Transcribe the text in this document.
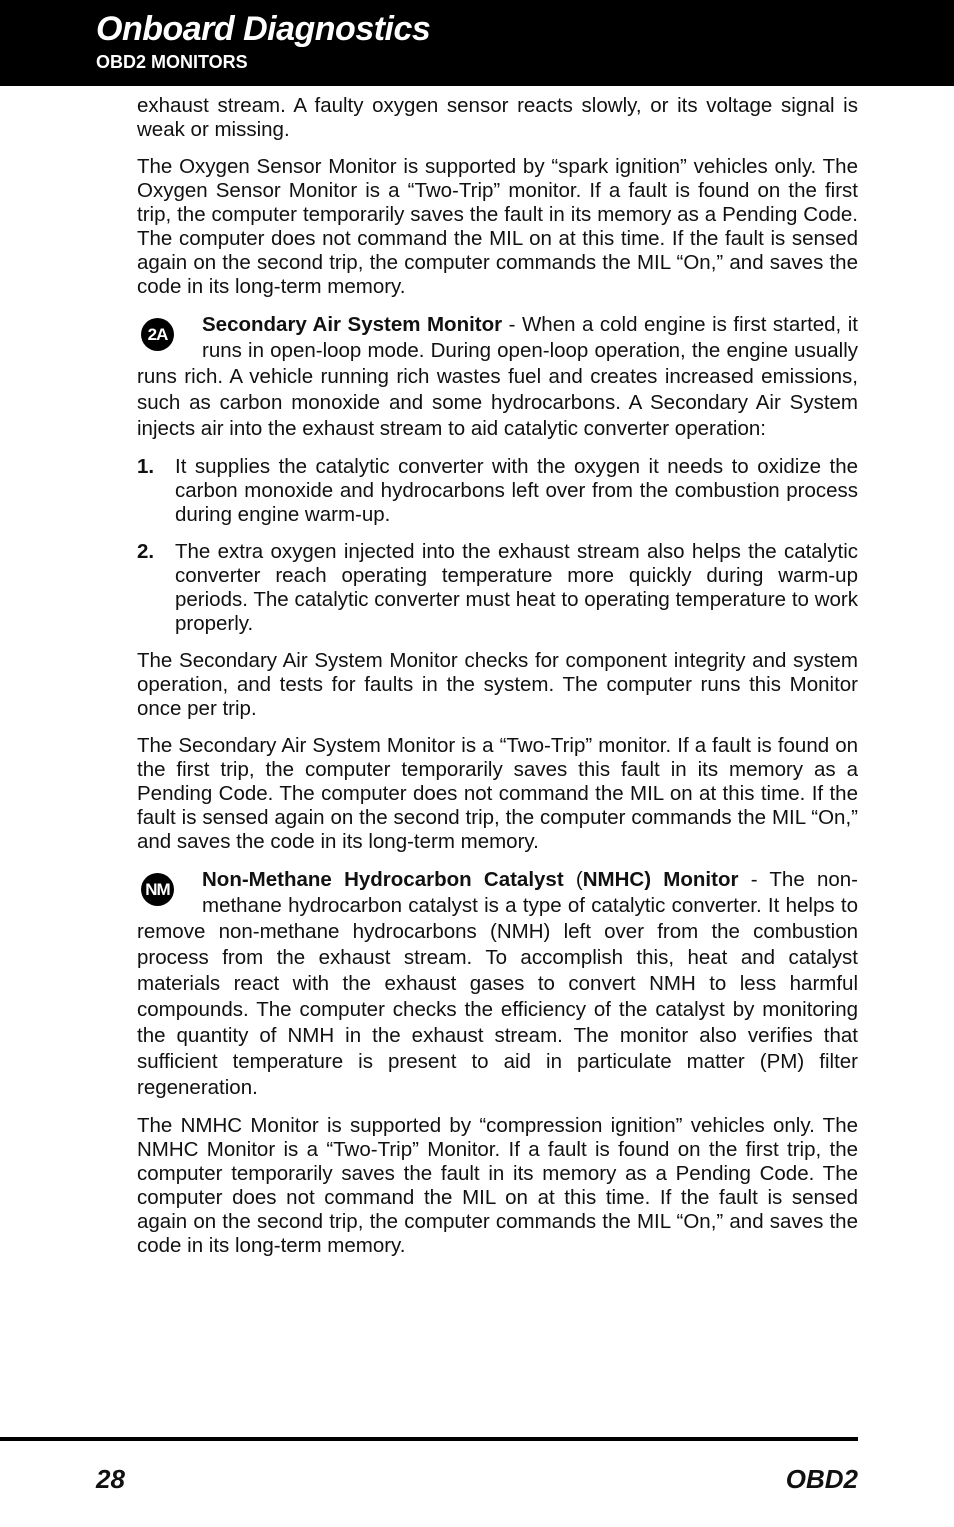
Onboard Diagnostics
OBD2 MONITORS

exhaust stream. A faulty oxygen sensor reacts slowly, or its voltage signal is weak or missing.

The Oxygen Sensor Monitor is supported by “spark ignition” vehicles only. The Oxygen Sensor Monitor is a “Two-Trip” monitor. If a fault is found on the first trip, the computer temporarily saves the fault in its memory as a Pending Code. The computer does not command the MIL on at this time. If the fault is sensed again on the second trip, the computer commands the MIL “On,” and saves the code in its long-term memory.

2A	Secondary Air System Monitor - When a cold engine is first started, it runs in open-loop mode. During open-loop operation, the engine usually runs rich. A vehicle running rich wastes fuel and creates increased emissions, such as carbon monoxide and some hydrocarbons. A Secondary Air System injects air into the exhaust stream to aid catalytic converter operation:

1. It supplies the catalytic converter with the oxygen it needs to oxidize the carbon monoxide and hydrocarbons left over from the combustion process during engine warm-up.
2. The extra oxygen injected into the exhaust stream also helps the catalytic converter reach operating temperature more quickly during warm-up periods. The catalytic converter must heat to operating temperature to work properly.

The Secondary Air System Monitor checks for component integrity and system operation, and tests for faults in the system. The computer runs this Monitor once per trip.

The Secondary Air System Monitor is a “Two-Trip” monitor. If a fault is found on the first trip, the computer temporarily saves this fault in its memory as a Pending Code. The computer does not command the MIL on at this time. If the fault is sensed again on the second trip, the computer commands the MIL “On,” and saves the code in its long-term memory.

NM	Non-Methane Hydrocarbon Catalyst (NMHC) Monitor - The non-methane hydrocarbon catalyst is a type of catalytic converter. It helps to remove non-methane hydrocarbons (NMH) left over from the combustion process from the exhaust stream. To accomplish this, heat and catalyst materials react with the exhaust gases to convert NMH to less harmful compounds. The computer checks the efficiency of the catalyst by monitoring the quantity of NMH in the exhaust stream. The monitor also verifies that sufficient temperature is present to aid in particulate matter (PM) filter regeneration.

The NMHC Monitor is supported by “compression ignition” vehicles only. The NMHC Monitor is a “Two-Trip” Monitor. If a fault is found on the first trip, the computer temporarily saves the fault in its memory as a Pending Code. The computer does not command the MIL on at this time. If the fault is sensed again on the second trip, the computer commands the MIL “On,” and saves the code in its long-term memory.

28	OBD2
